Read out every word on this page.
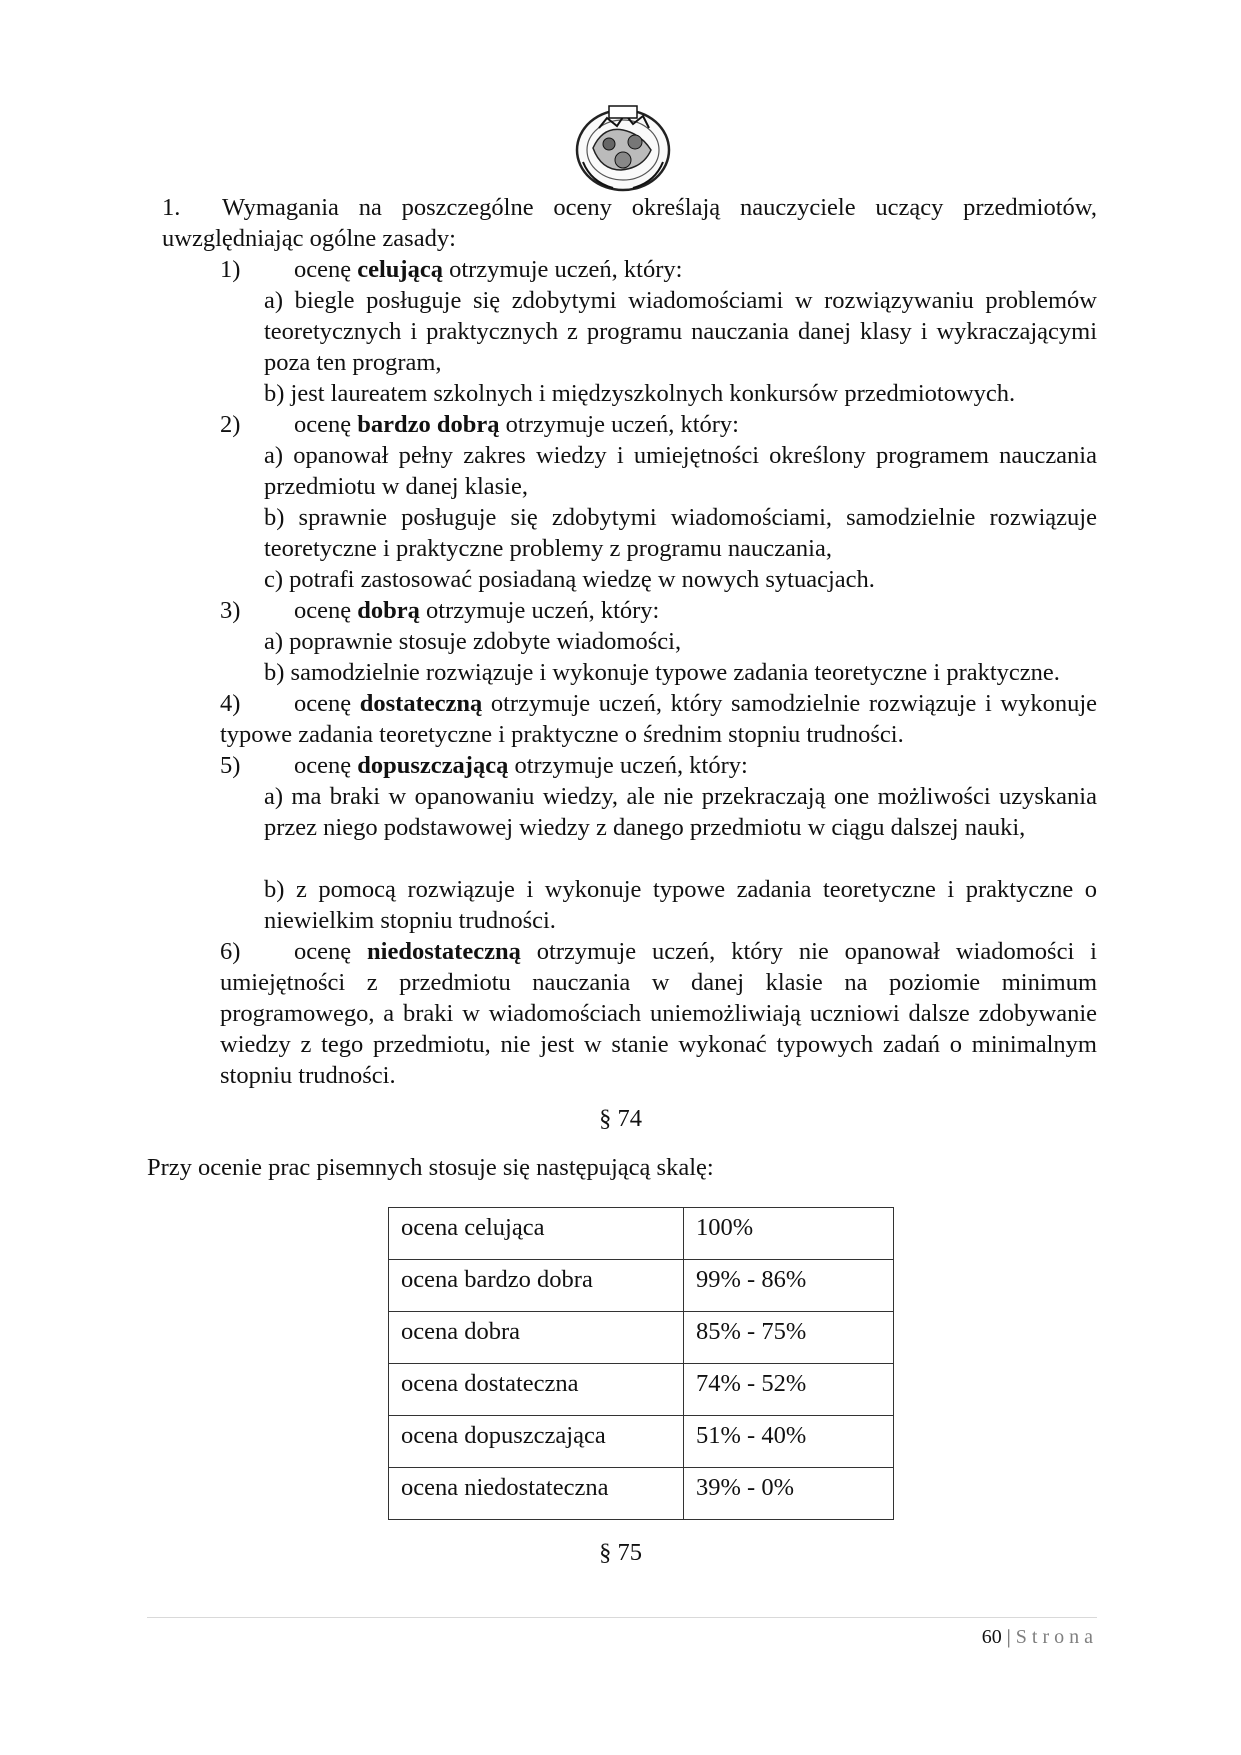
1.	Wymagania na poszczególne oceny określają nauczyciele uczący przedmiotów, uwzględniając ogólne zasady:
1) ocenę celującą otrzymuje uczeń, który:
a) biegle posługuje się zdobytymi wiadomościami w rozwiązywaniu problemów teoretycznych i praktycznych z programu nauczania danej klasy i wykraczającymi poza ten program,
b) jest laureatem szkolnych i międzyszkolnych konkursów przedmiotowych.
2) ocenę bardzo dobrą otrzymuje uczeń, który:
a) opanował pełny zakres wiedzy i umiejętności określony programem nauczania przedmiotu w danej klasie,
b) sprawnie posługuje się zdobytymi wiadomościami, samodzielnie rozwiązuje teoretyczne i praktyczne problemy z programu nauczania,
c) potrafi zastosować posiadaną wiedzę w nowych sytuacjach.
3) ocenę dobrą otrzymuje uczeń, który:
a) poprawnie stosuje zdobyte wiadomości,
b) samodzielnie rozwiązuje i wykonuje typowe zadania teoretyczne i praktyczne.
4)	ocenę dostateczną otrzymuje uczeń, który samodzielnie rozwiązuje i wykonuje typowe zadania teoretyczne i praktyczne o średnim stopniu trudności.
5) ocenę dopuszczającą otrzymuje uczeń, który:
a) ma braki w opanowaniu wiedzy, ale nie przekraczają one możliwości uzyskania przez niego podstawowej wiedzy z danego przedmiotu w ciągu dalszej nauki,
b) z pomocą rozwiązuje i wykonuje typowe zadania teoretyczne i praktyczne o niewielkim stopniu trudności.
6)	ocenę niedostateczną otrzymuje uczeń, który nie opanował wiadomości i umiejętności z przedmiotu nauczania w danej klasie na poziomie minimum programowego, a braki w wiadomościach uniemożliwiają uczniowi dalsze zdobywanie wiedzy z tego przedmiotu, nie jest w stanie wykonać typowych zadań o minimalnym stopniu trudności.
§ 74
Przy ocenie prac pisemnych stosuje się następującą skalę:
ocena celująca	100%
ocena bardzo dobra	99% - 86%
ocena dobra	85% - 75%
ocena dostateczna	74% - 52%
ocena dopuszczająca	51% - 40%
ocena niedostateczna	39% - 0%
§ 75
60 | Strona
